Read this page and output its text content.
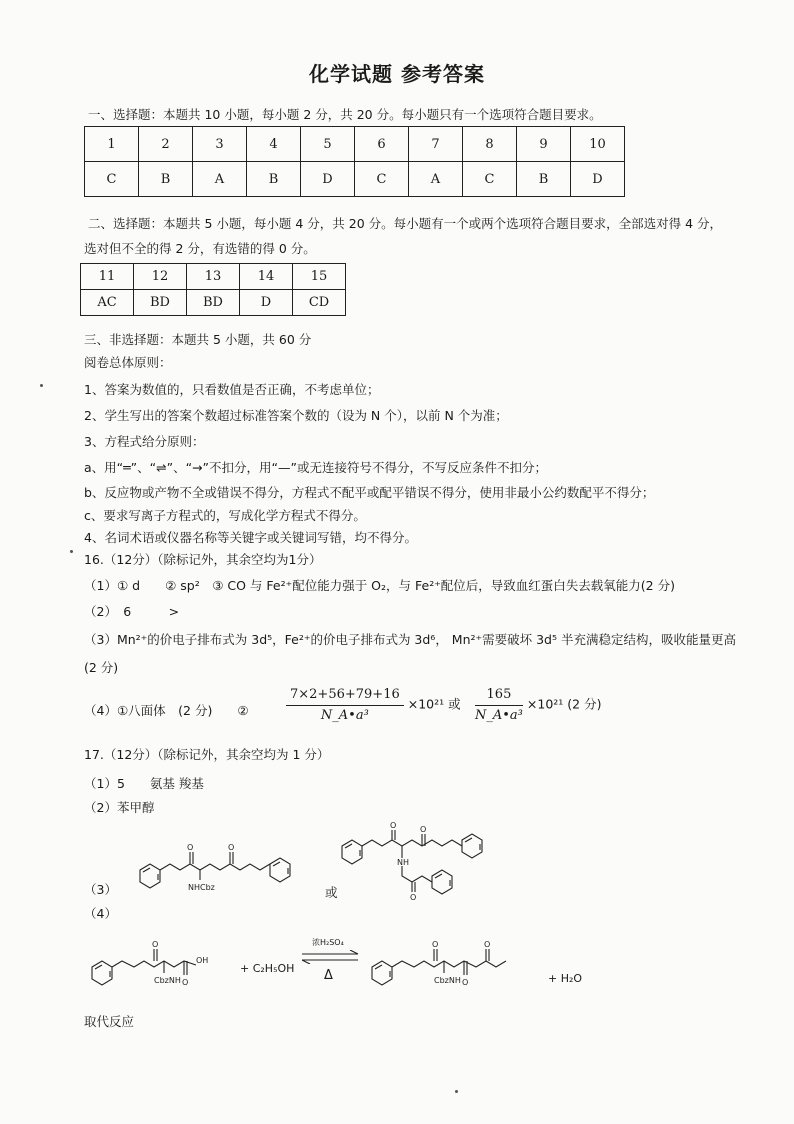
化学试题 参考答案
一、选择题：本题共 10 小题，每小题 2 分，共 20 分。每小题只有一个选项符合题目要求。
1	2	3	4	5	6	7	8	9	10
C	B	A	B	D	C	A	C	B	D
二、选择题：本题共 5 小题，每小题 4 分，共 20 分。每小题有一个或两个选项符合题目要求，全部选对得 4 分，
选对但不全的得 2 分，有选错的得 0 分。
11	12	13	14	15
AC	BD	BD	D	CD
三、非选择题：本题共 5 小题，共 60 分
阅卷总体原则：
1、答案为数值的，只看数值是否正确，不考虑单位；
2、学生写出的答案个数超过标准答案个数的（设为 N 个），以前 N 个为准；
3、方程式给分原则：
a、用“═”、“⇌”、“→”不扣分，用“—”或无连接符号不得分，不写反应条件不扣分；
b、反应物或产物不全或错误不得分，方程式不配平或配平错误不得分，使用非最小公约数配平不得分；
c、要求写离子方程式的，写成化学方程式不得分。
4、名词术语或仪器名称等关键字或关键词写错，均不得分。
16.（12分）（除标记外，其余空均为1分）
（1）① d　　② sp²　③ CO 与 Fe²⁺配位能力强于 O₂，与 Fe²⁺配位后，导致血红蛋白失去载氧能力(2 分)
（2）　6　　　>
（3）Mn²⁺的价电子排布式为 3d⁵，Fe²⁺的价电子排布式为 3d⁶， Mn²⁺需要破坏 3d⁵ 半充满稳定结构，吸收能量更高
(2 分)
（4）①八面体　(2 分)　　②	$\frac{7\times 2+56+79+16}{\text{N\_A•a³}} \times 10^{21}$ 或 $\frac{165}{\text{N\_A•a³}} \times 10^{21}$ (2 分)
17.（12分）（除标记外，其余空均为 1 分）
（1）5　　氨基 羧基
（2）苯甲醇
（3）	或
（4）
O	O
NHCbz
O	O
NH
O
O
CbzNH
OH
O
+ C₂H₅OH
浓H₂SO₄
Δ
O
CbzNH O
O
+ H₂O
取代反应
